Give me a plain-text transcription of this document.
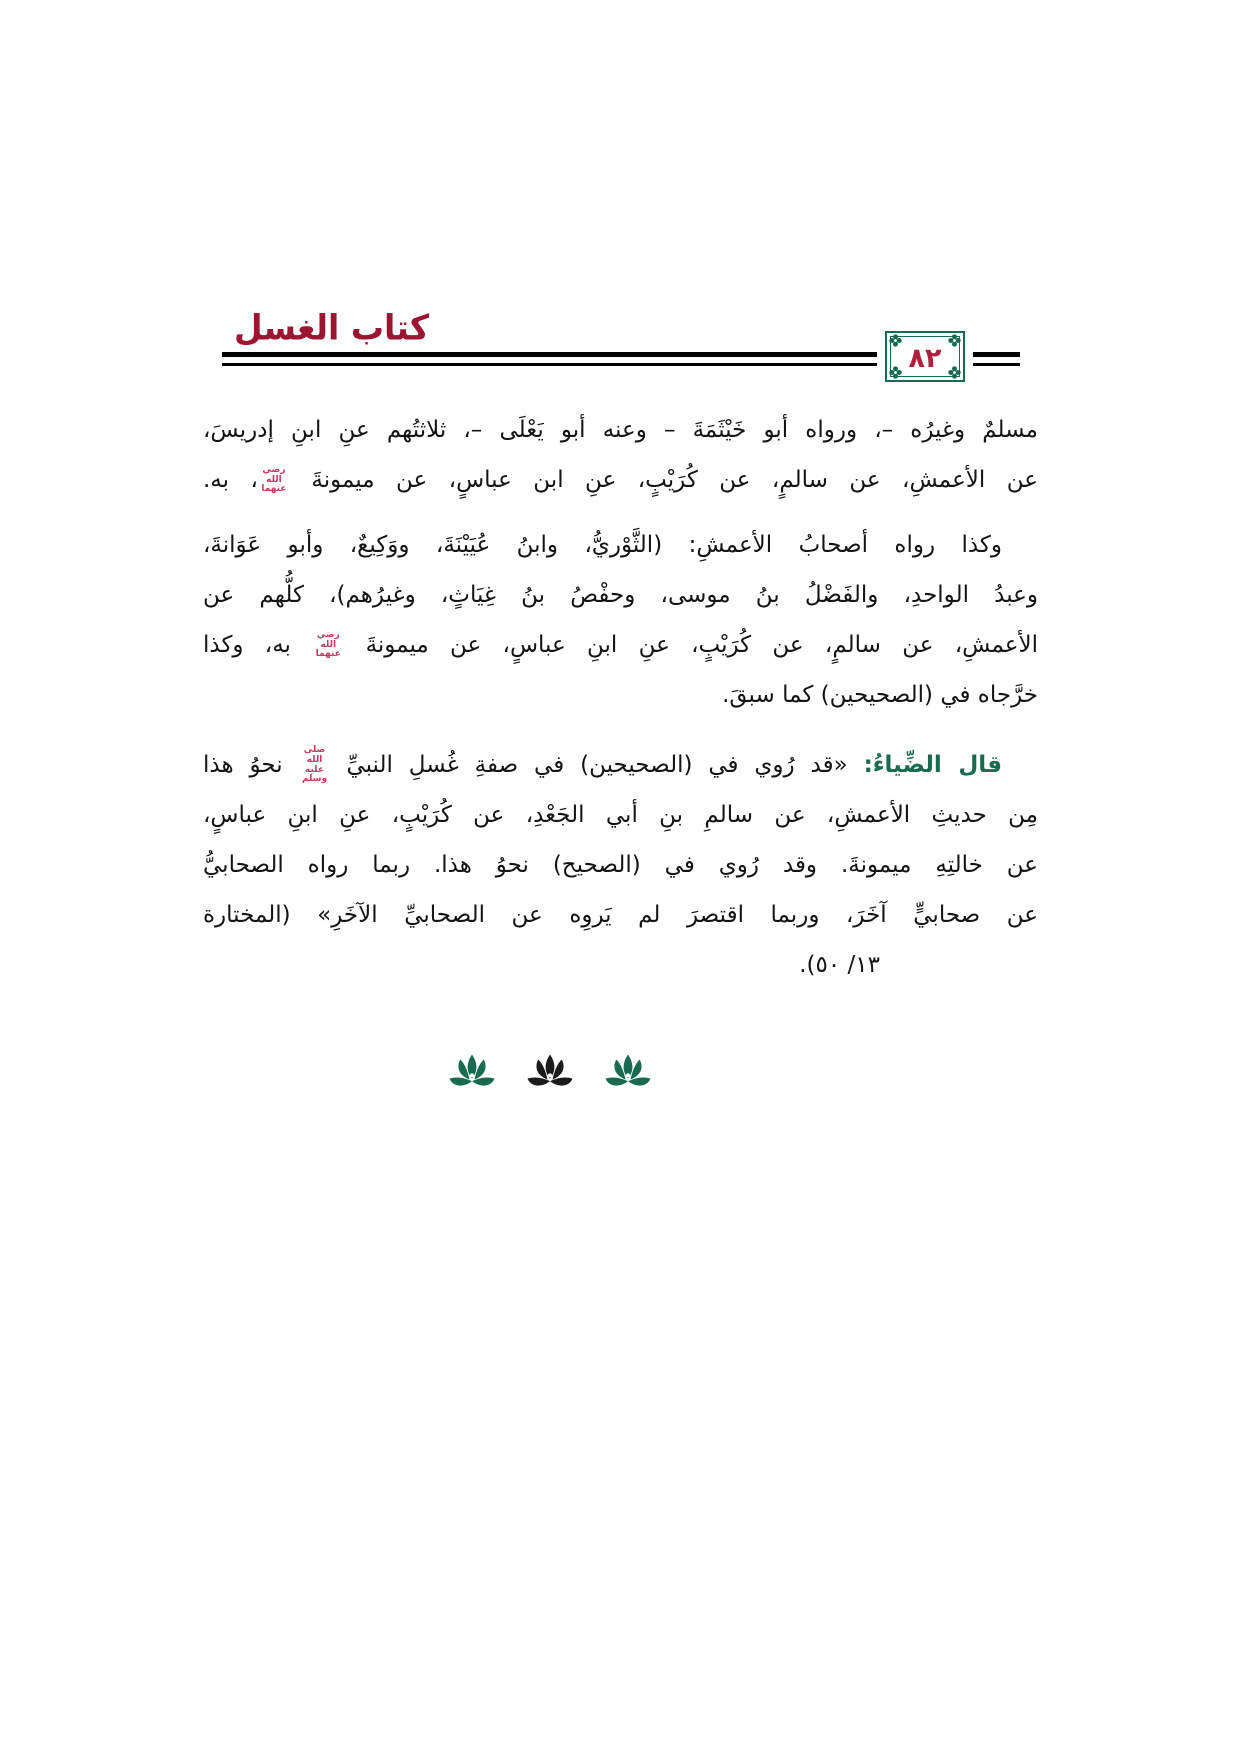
كتاب الغسل
٨٢
مسلمٌ وغيرُه –، ورواه أبو خَيْثَمَةَ – وعنه أبو يَعْلَى –، ثلاثتُهم عنِ ابنِ إدريسَ،
عن الأعمشِ، عن سالمٍ، عن كُرَيْبٍ، عنِ ابن عباسٍ، عن ميمونةَ رضي الله عنهما، به.
وكذا رواه أصحابُ الأعمشِ: (الثَّوْريُّ، وابنُ عُيَيْنَةَ، ووَكِيعٌ، وأبو عَوَانةَ،
وعبدُ الواحدِ، والفَضْلُ بنُ موسى، وحفْصُ بنُ غِيَاثٍ، وغيرُهم)، كلُّهم عن
الأعمشِ، عن سالمٍ، عن كُرَيْبٍ، عنِ ابنِ عباسٍ، عن ميمونةَ رضي الله عنهما به، وكذا
خرَّجاه في (الصحيحين) كما سبقَ.
قال الضِّياءُ: «قد رُوي في (الصحيحين) في صفةِ غُسلِ النبيِّ صلى الله عليه وسلم نحوُ هذا
مِن حديثِ الأعمشِ، عن سالمِ بنِ أبي الجَعْدِ، عن كُرَيْبٍ، عنِ ابنِ عباسٍ،
عن خالتِهِ ميمونةَ. وقد رُوي في (الصحيح) نحوُ هذا. ربما رواه الصحابيُّ
عن صحابيٍّ آخَرَ، وربما اقتصرَ لم يَروِه عن الصحابيِّ الآخَرِ» (المختارة
١٣/ ٥٠).
